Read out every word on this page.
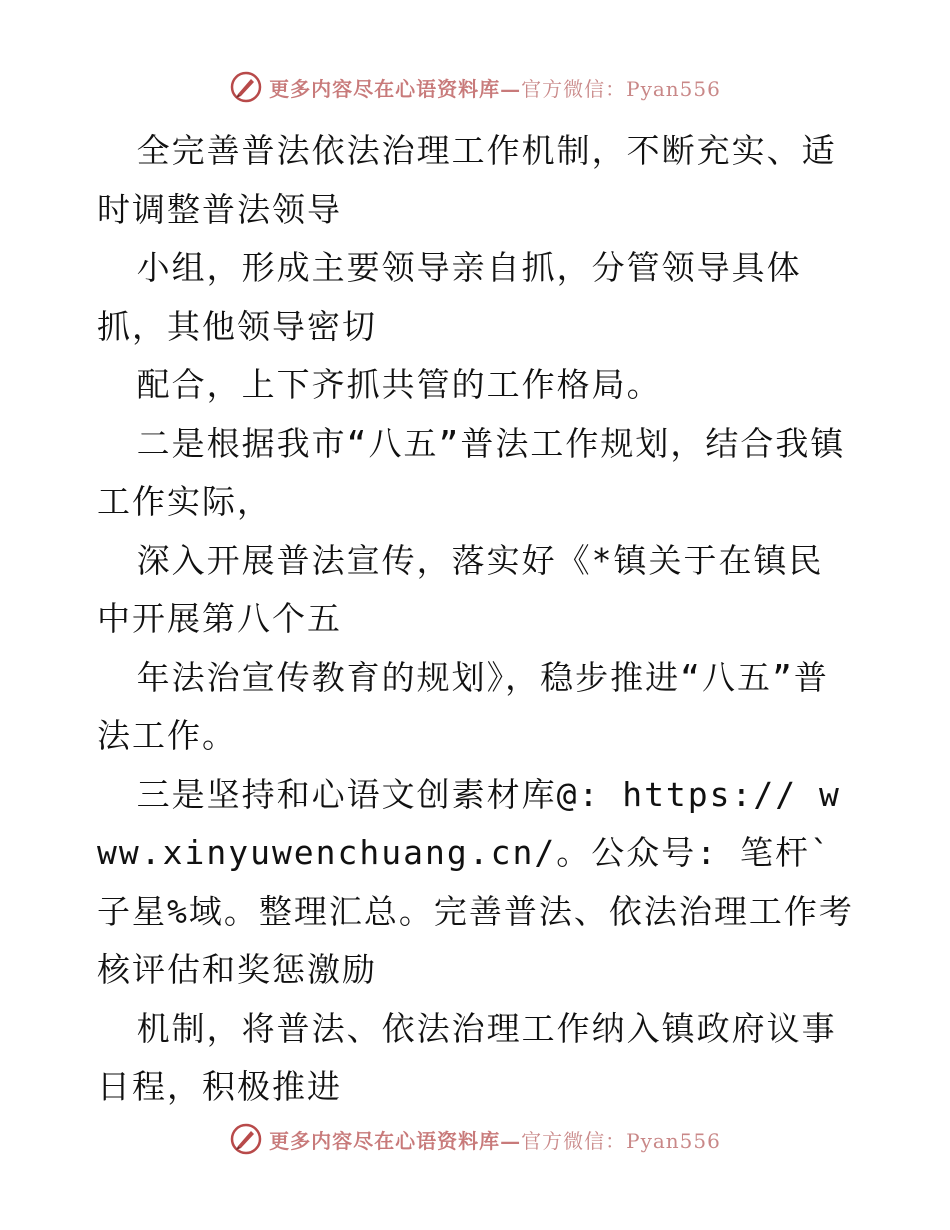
更多内容尽在心语资料库—官方微信：Pyan556

全完善普法依法治理工作机制，不断充实、适时调整普法领导

小组，形成主要领导亲自抓，分管领导具体抓，其他领导密切

配合，上下齐抓共管的工作格局。

二是根据我市“八五”普法工作规划，结合我镇工作实际，

深入开展普法宣传，落实好《*镇关于在镇民中开展第八个五

年法治宣传教育的规划》，稳步推进“八五”普法工作。

三是坚持和心语文创素材库@: https:// www.xinyuwenchuang.cn/。公众号: 笔杆`子星%域。整理汇总。完善普法、依法治理工作考核评估和奖惩激励

机制，将普法、依法治理工作纳入镇政府议事日程，积极推进

更多内容尽在心语资料库—官方微信：Pyan556
